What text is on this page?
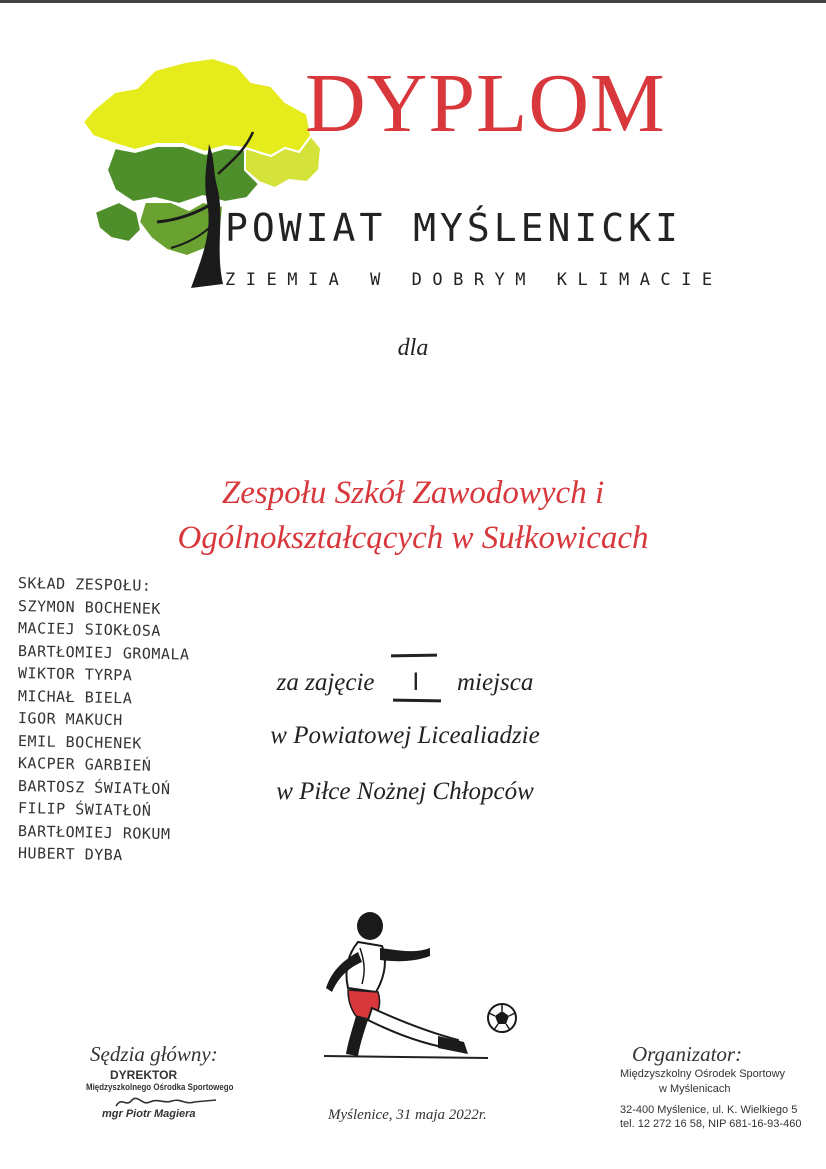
DYPLOM
POWIAT MYŚLENICKI
ZIEMIA W DOBRYM KLIMACIE
dla
Zespołu Szkół Zawodowych i
Ogólnokształcących w Sułkowicach
SKŁAD ZESPOŁU:
SZYMON BOCHENEK
MACIEJ SIOKŁOSA
BARTŁOMIEJ GROMALA
WIKTOR TYRPA
MICHAŁ BIELA
IGOR MAKUCH
EMIL BOCHENEK
KACPER GARBIEŃ
BARTOSZ ŚWIATŁOŃ
FILIP ŚWIATŁOŃ
BARTŁOMIEJ ROKUM
HUBERT DYBA
za zajęcie I miejsca
w Powiatowej Licealiadzie
w Piłce Nożnej Chłopców
Sędzia główny:
DYREKTOR
Międzyszkolnego Ośrodka Sportowego
mgr Piotr Magiera	Myślenice, 31 maja 2022r.
Organizator:
Międzyszkolny Ośrodek Sportowy
w Myślenicach
32-400 Myślenice, ul. K. Wielkiego 5
tel. 12 272 16 58, NIP 681-16-93-460
